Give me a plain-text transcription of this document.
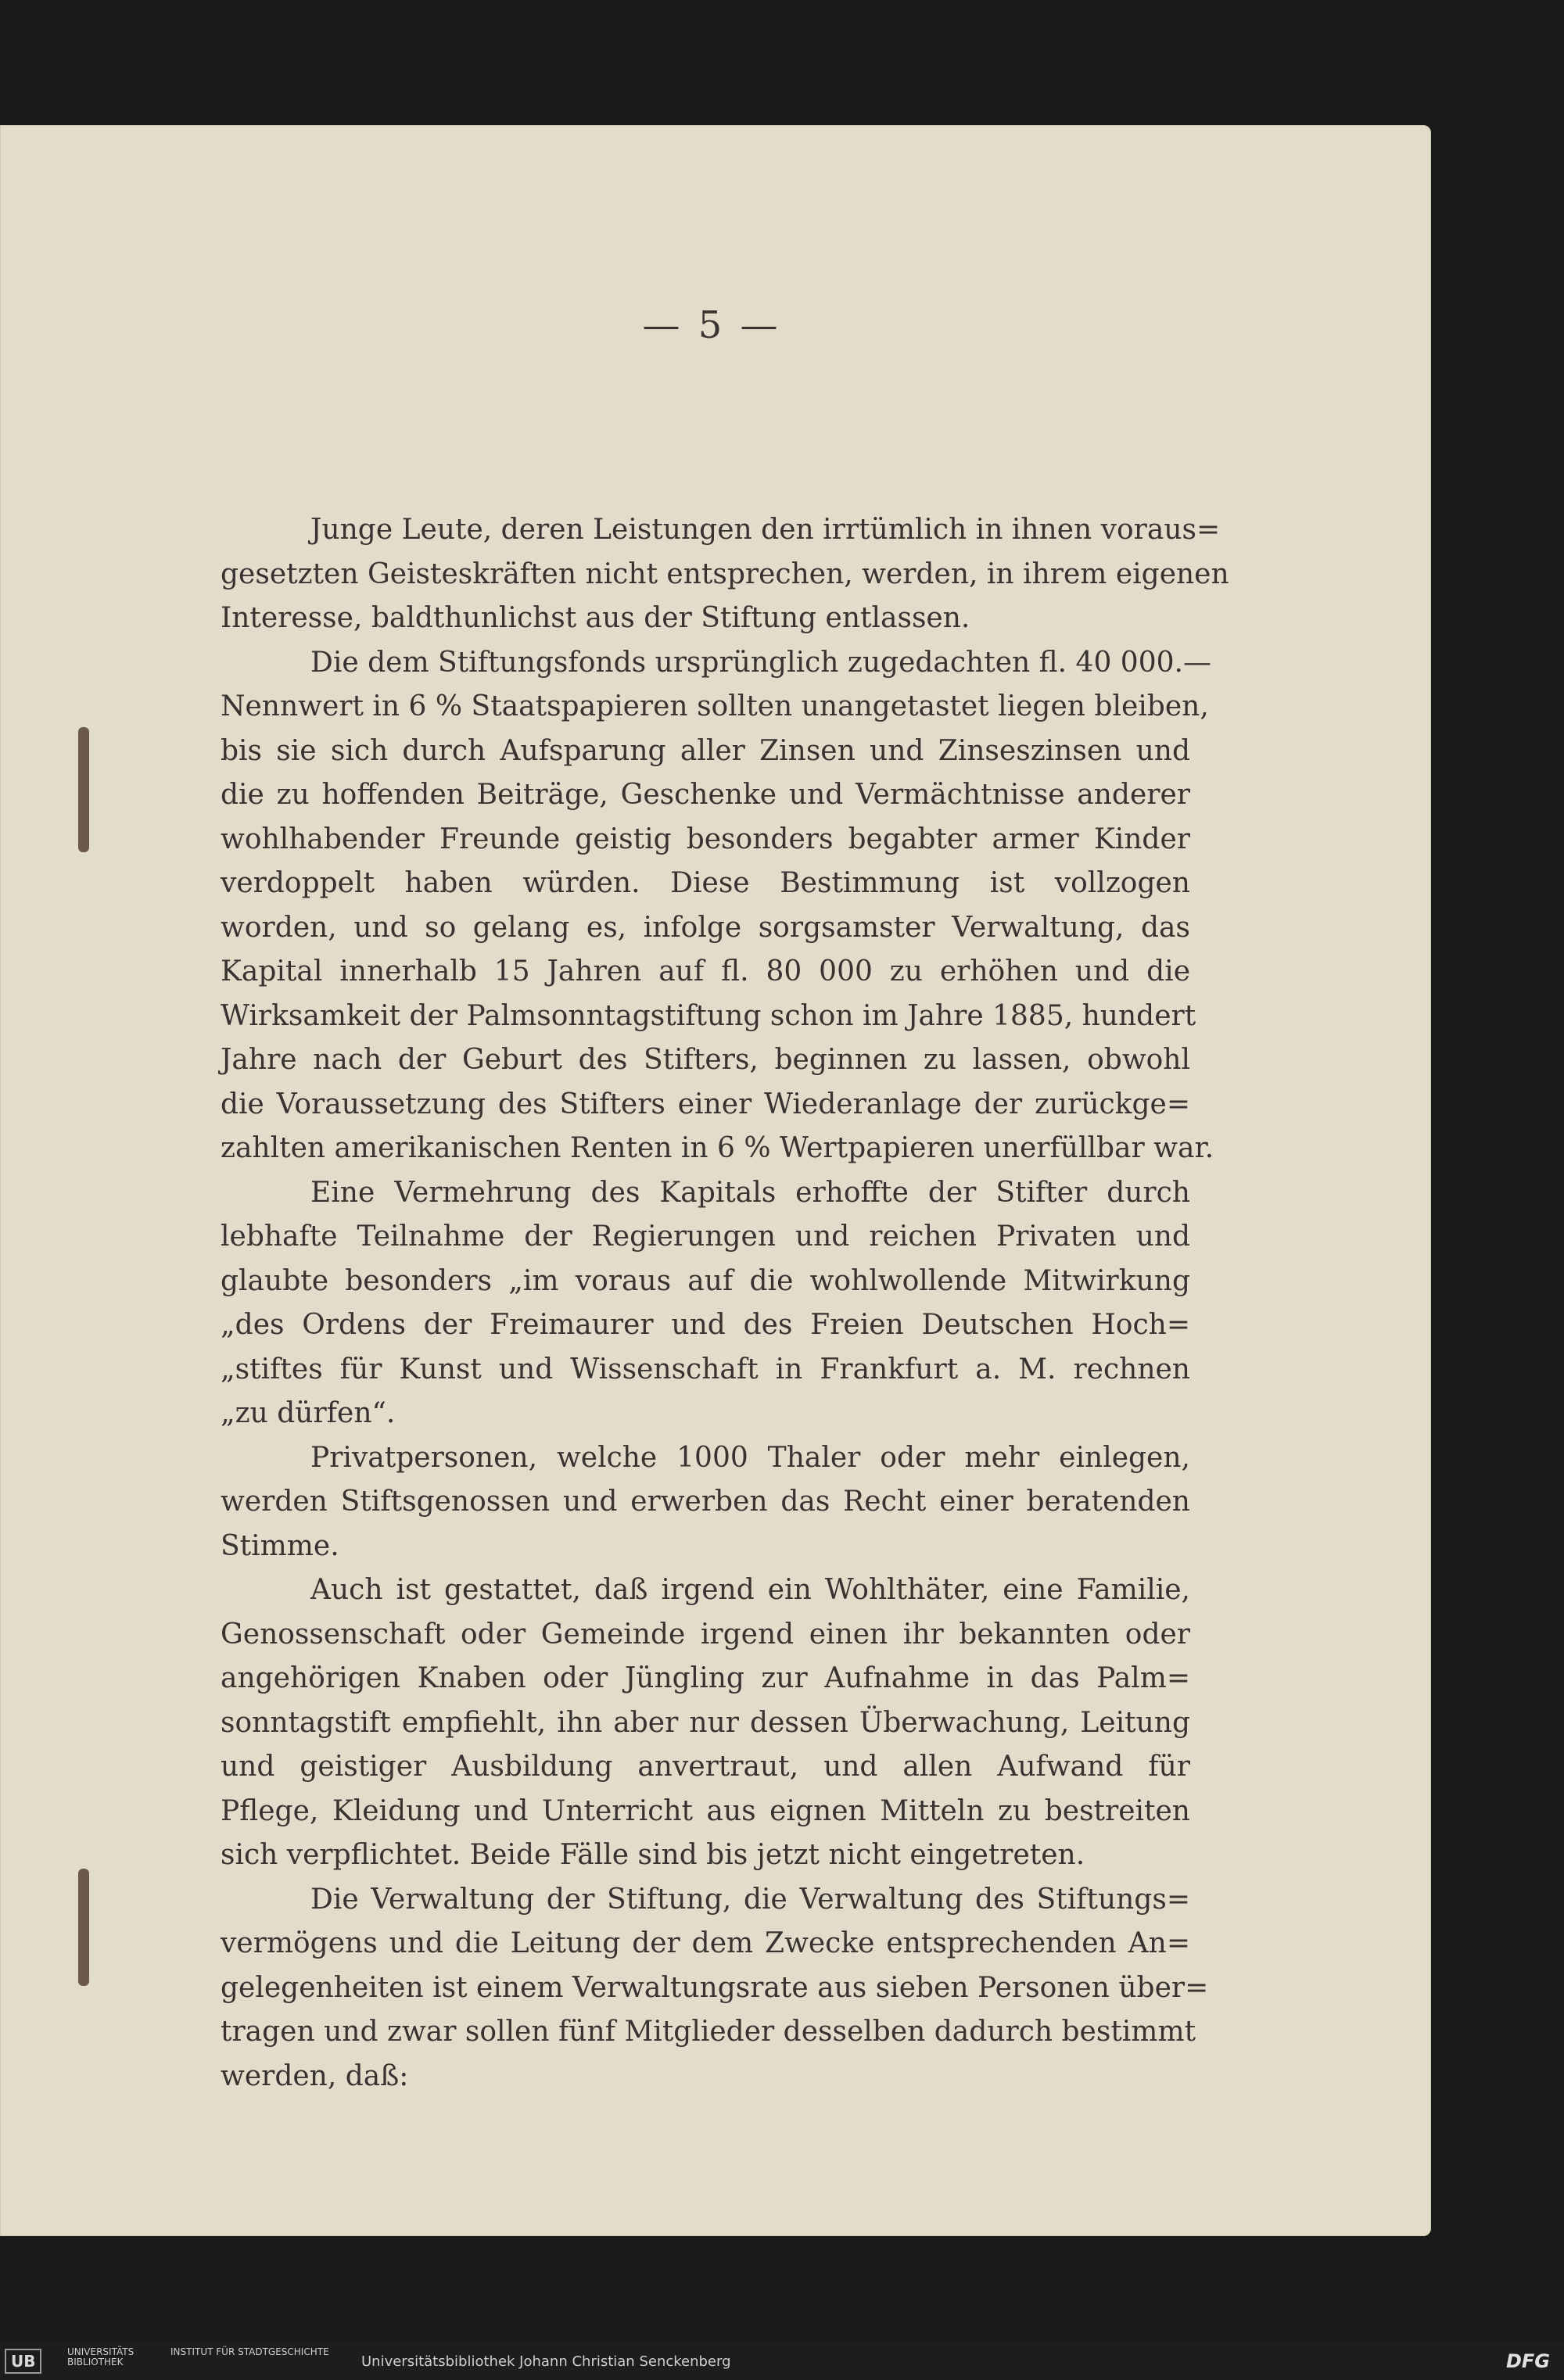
— 5 —
Junge Leute, deren Leistungen den irrtümlich in ihnen voraus=
gesetzten Geisteskräften nicht entsprechen, werden, in ihrem eigenen
Interesse, baldthunlichst aus der Stiftung entlassen.
Die dem Stiftungsfonds ursprünglich zugedachten fl. 40 000.—
Nennwert in 6 % Staatspapieren sollten unangetastet liegen bleiben,
bis sie sich durch Aufsparung aller Zinsen und Zinseszinsen und
die zu hoffenden Beiträge, Geschenke und Vermächtnisse anderer
wohlhabender Freunde geistig besonders begabter armer Kinder
verdoppelt haben würden. Diese Bestimmung ist vollzogen
worden, und so gelang es, infolge sorgsamster Verwaltung, das
Kapital innerhalb 15 Jahren auf fl. 80 000 zu erhöhen und die
Wirksamkeit der Palmsonntagstiftung schon im Jahre 1885, hundert
Jahre nach der Geburt des Stifters, beginnen zu lassen, obwohl
die Voraussetzung des Stifters einer Wiederanlage der zurückge=
zahlten amerikanischen Renten in 6 % Wertpapieren unerfüllbar war.
Eine Vermehrung des Kapitals erhoffte der Stifter durch
lebhafte Teilnahme der Regierungen und reichen Privaten und
glaubte besonders „im voraus auf die wohlwollende Mitwirkung
„des Ordens der Freimaurer und des Freien Deutschen Hoch=
„stiftes für Kunst und Wissenschaft in Frankfurt a. M. rechnen
„zu dürfen“.
Privatpersonen, welche 1000 Thaler oder mehr einlegen,
werden Stiftsgenossen und erwerben das Recht einer beratenden
Stimme.
Auch ist gestattet, daß irgend ein Wohlthäter, eine Familie,
Genossenschaft oder Gemeinde irgend einen ihr bekannten oder
angehörigen Knaben oder Jüngling zur Aufnahme in das Palm=
sonntagstift empfiehlt, ihn aber nur dessen Überwachung, Leitung
und geistiger Ausbildung anvertraut, und allen Aufwand für
Pflege, Kleidung und Unterricht aus eignen Mitteln zu bestreiten
sich verpflichtet. Beide Fälle sind bis jetzt nicht eingetreten.
Die Verwaltung der Stiftung, die Verwaltung des Stiftungs=
vermögens und die Leitung der dem Zwecke entsprechenden An=
gelegenheiten ist einem Verwaltungsrate aus sieben Personen über=
tragen und zwar sollen fünf Mitglieder desselben dadurch bestimmt
werden, daß:
UB	UNIVERSITÄTS BIBLIOTHEK
INSTITUT FÜR STADTGESCHICHTE
Universitätsbibliothek Johann Christian Senckenberg	DFG
